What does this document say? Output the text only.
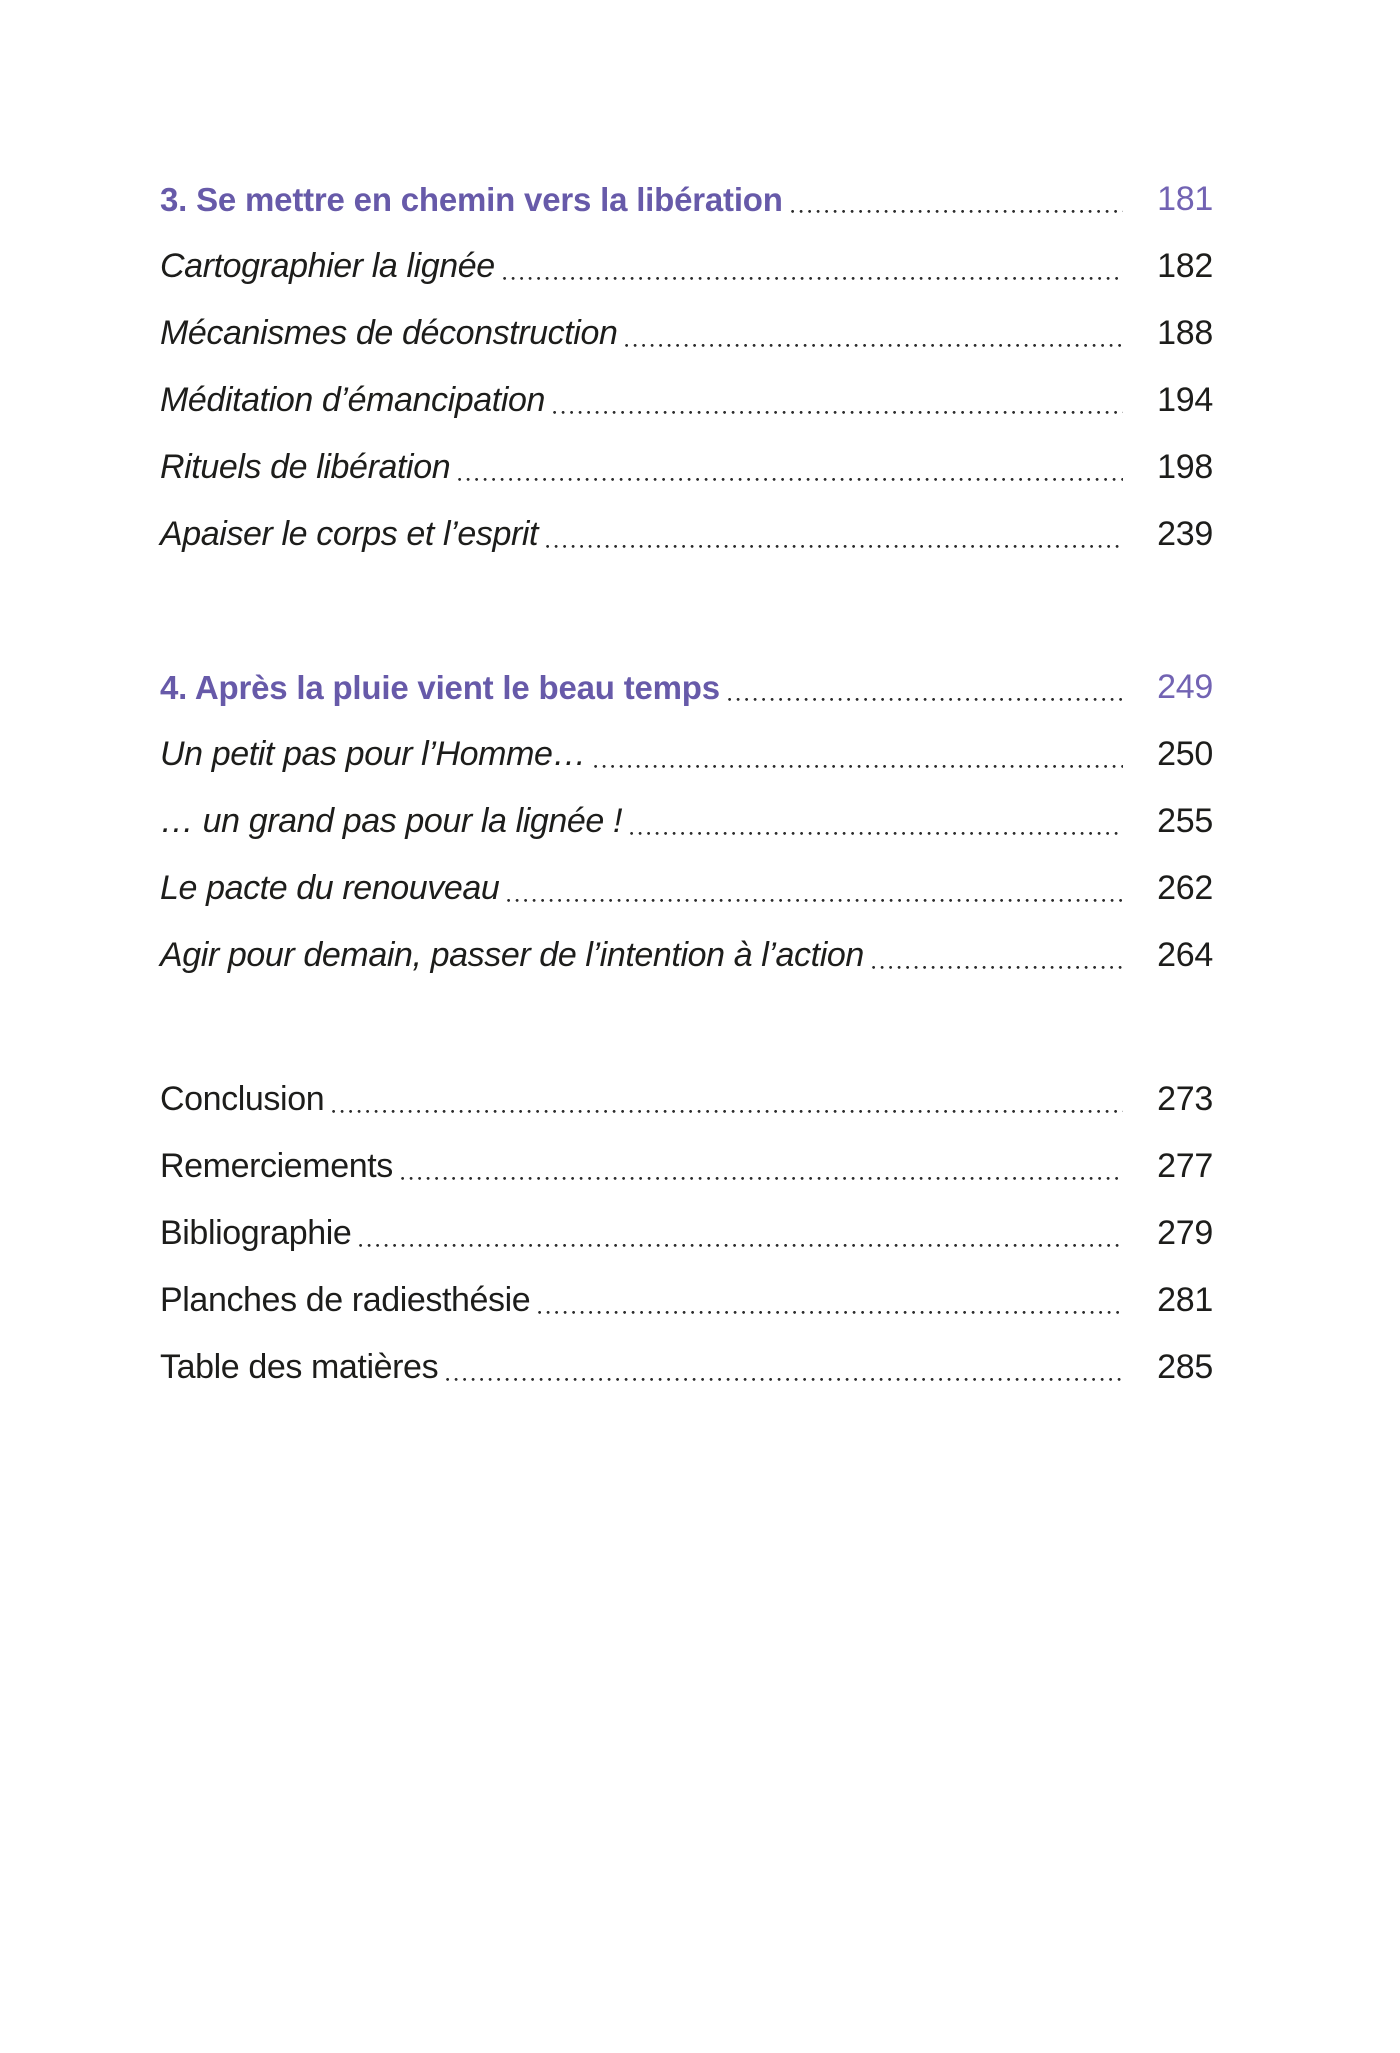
3. Se mettre en chemin vers la libération	181
Cartographier la lignée	182
Mécanismes de déconstruction	188
Méditation d’émancipation	194
Rituels de libération	198
Apaiser le corps et l’esprit	239
4. Après la pluie vient le beau temps	249
Un petit pas pour l’Homme…	250
… un grand pas pour la lignée !	255
Le pacte du renouveau	262
Agir pour demain, passer de l’intention à l’action	264
Conclusion	273
Remerciements	277
Bibliographie	279
Planches de radiesthésie	281
Table des matières	285
